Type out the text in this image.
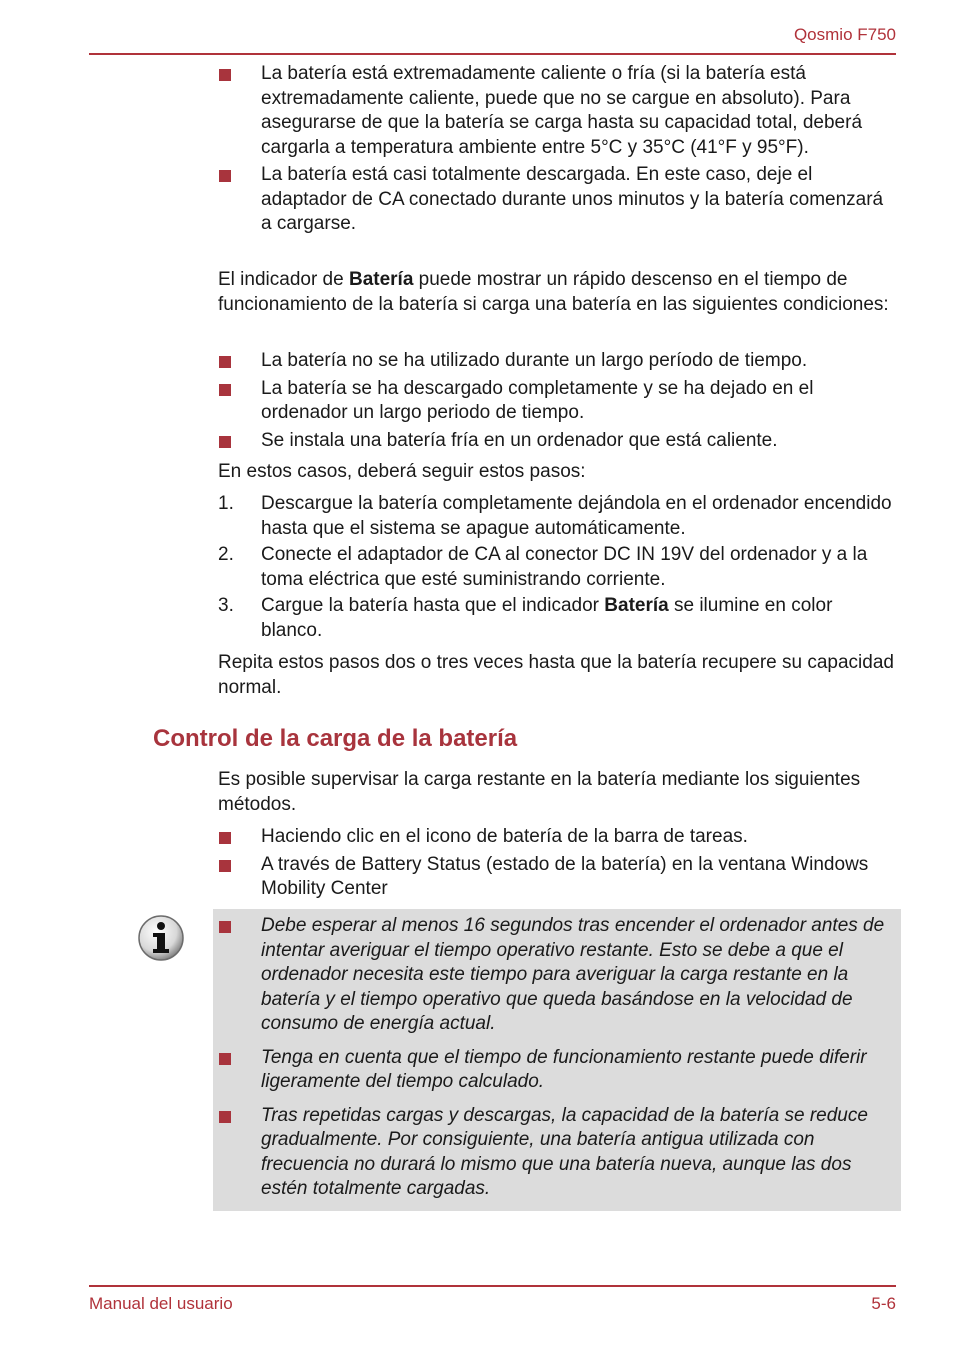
Qosmio F750
La batería está extremadamente caliente o fría (si la batería está extremadamente caliente, puede que no se cargue en absoluto). Para asegurarse de que la batería se carga hasta su capacidad total, deberá cargarla a temperatura ambiente entre 5°C y 35°C (41°F y 95°F).
La batería está casi totalmente descargada. En este caso, deje el adaptador de CA conectado durante unos minutos y la batería comenzará a cargarse.

El indicador de Batería puede mostrar un rápido descenso en el tiempo de funcionamiento de la batería si carga una batería en las siguientes condiciones:

La batería no se ha utilizado durante un largo período de tiempo.
La batería se ha descargado completamente y se ha dejado en el ordenador un largo periodo de tiempo.
Se instala una batería fría en un ordenador que está caliente.
En estos casos, deberá seguir estos pasos:
1. Descargue la batería completamente dejándola en el ordenador encendido hasta que el sistema se apague automáticamente.
2. Conecte el adaptador de CA al conector DC IN 19V del ordenador y a la toma eléctrica que esté suministrando corriente.
3. Cargue la batería hasta que el indicador Batería se ilumine en color blanco.
Repita estos pasos dos o tres veces hasta que la batería recupere su capacidad normal.
Control de la carga de la batería
Es posible supervisar la carga restante en la batería mediante los siguientes métodos.
Haciendo clic en el icono de batería de la barra de tareas.
A través de Battery Status (estado de la batería) en la ventana Windows Mobility Center
Debe esperar al menos 16 segundos tras encender el ordenador antes de intentar averiguar el tiempo operativo restante. Esto se debe a que el ordenador necesita este tiempo para averiguar la carga restante en la batería y el tiempo operativo que queda basándose en la velocidad de consumo de energía actual.
Tenga en cuenta que el tiempo de funcionamiento restante puede diferir ligeramente del tiempo calculado.
Tras repetidas cargas y descargas, la capacidad de la batería se reduce gradualmente. Por consiguiente, una batería antigua utilizada con frecuencia no durará lo mismo que una batería nueva, aunque las dos estén totalmente cargadas.
Manual del usuario	5-6
